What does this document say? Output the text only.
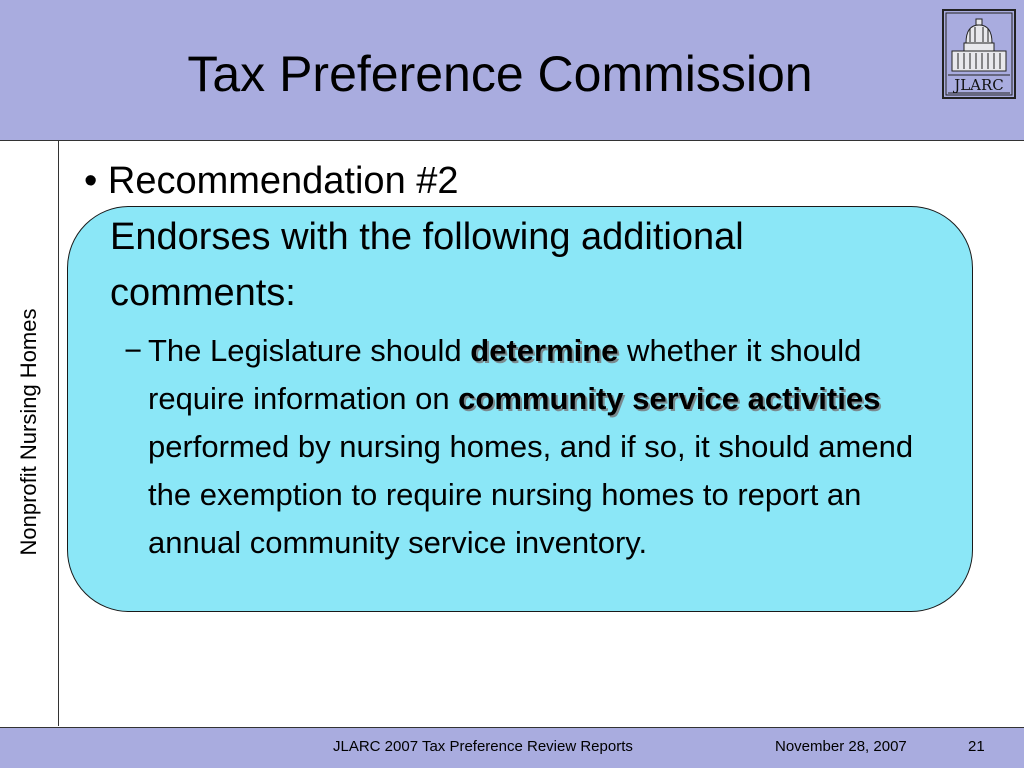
Tax Preference Commission	JLARC
Nonprofit Nursing Homes
• Recommendation #2
Endorses with the following additional comments:
− The Legislature should determine whether it should require information on community service activities performed by nursing homes, and if so, it should amend the exemption to require nursing homes to report an annual community service inventory.
JLARC 2007 Tax Preference Review Reports	November 28, 2007	21
